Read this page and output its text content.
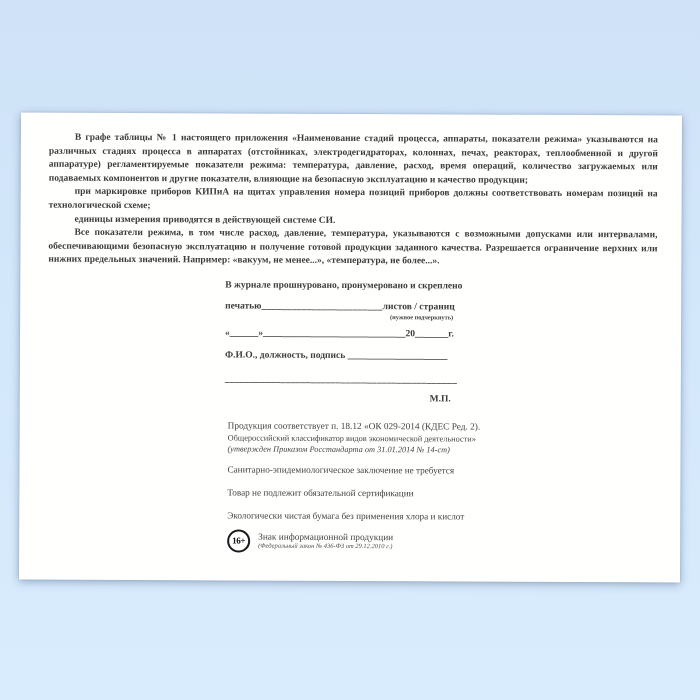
В графе таблицы № 1 настоящего приложения «Наименование стадий процесса, аппараты, показатели режима» указываются на различных стадиях процесса в аппаратах (отстойниках, электродегидраторах, колоннах, печах, реакторах, теплообменной и другой аппаратуре) регламентируемые показатели режима: температура, давление, расход, время операций, количество загружаемых или подаваемых компонентов и другие показатели, влияющие на безопасную эксплуатацию и качество продукции;

при маркировке приборов КИПиА на щитах управления номера позиций приборов должны соответствовать номерам позиций на технологической схеме;

единицы измерения приводятся в действующей системе СИ.

Все показатели режима, в том числе расход, давление, температура, указываются с возможными допусками или интервалами, обеспечивающими безопасную эксплуатацию и получение готовой продукции заданного качества. Разрешается ограничение верхних или нижних предельных значений. Например: «вакуум, не менее...», «температура, не более...».

В журнале прошнуровано, пронумеровано и скреплено
печатью ________________________ листов / страниц
(нужное подчеркнуть)
«______»______________________________20_______г.
Ф.И.О., должность, подпись _____________________
______________________________________________
М.П.
Продукция соответствует п. 18.12 «ОК 029-2014 (КДЕС Ред. 2).
Общероссийский классификатор видов экономической деятельности»
(утвержден Приказом Росстандарта от 31.01.2014 № 14-ст)
Санитарно-эпидемиологическое заключение не требуется
Товар не подлежит обязательной сертификации
Экологически чистая бумага без применения хлора и кислот
16+	Знак информационной продукции
(Федеральный закон № 436-ФЗ от 29.12.2010 г.)
